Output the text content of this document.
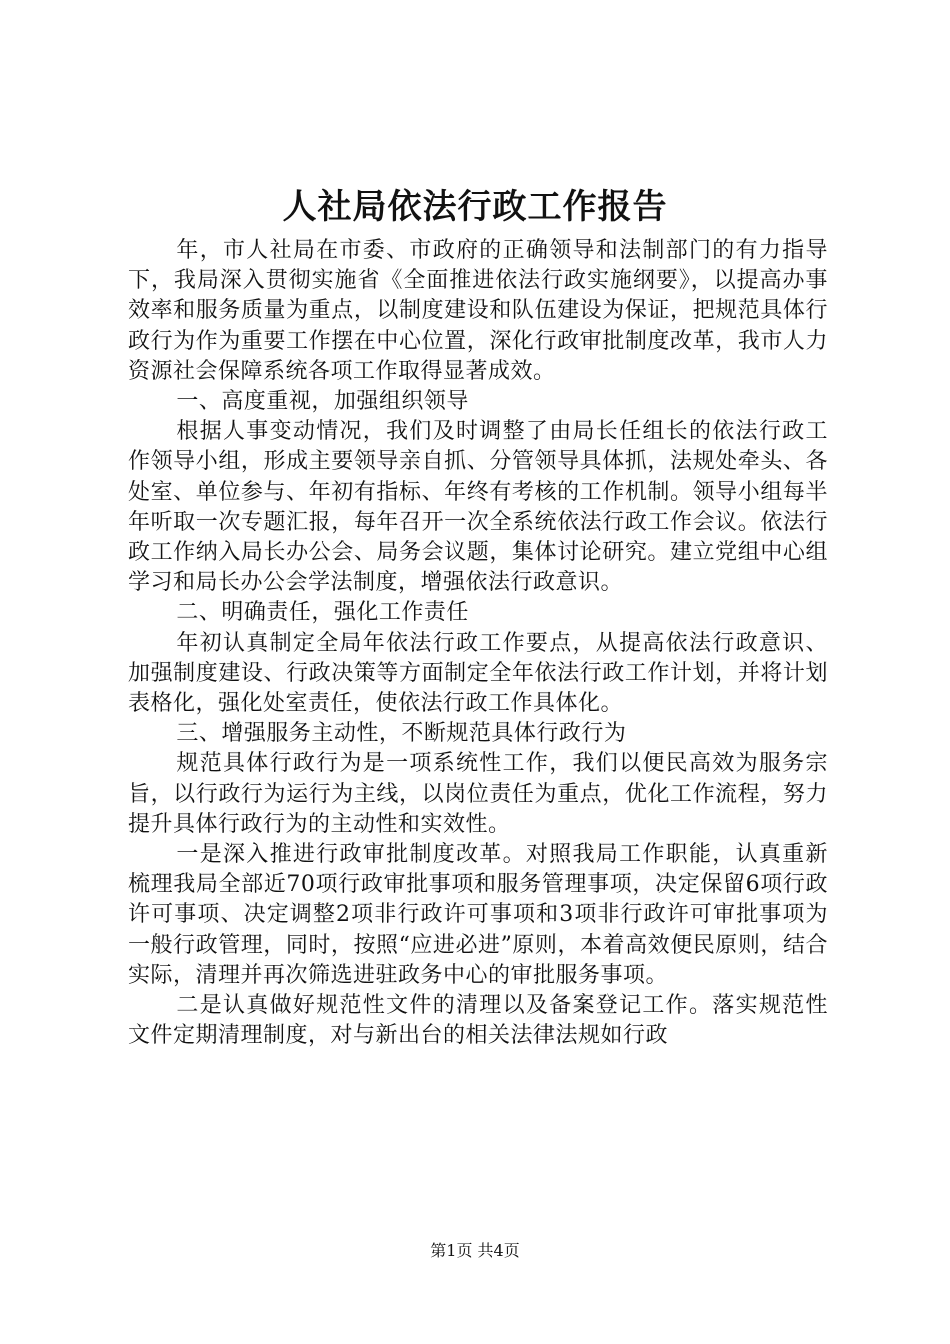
人社局依法行政工作报告

年，市人社局在市委、市政府的正确领导和法制部门的有力指导下，我局深入贯彻实施省《全面推进依法行政实施纲要》，以提高办事效率和服务质量为重点，以制度建设和队伍建设为保证，把规范具体行政行为作为重要工作摆在中心位置，深化行政审批制度改革，我市人力资源社会保障系统各项工作取得显著成效。

一、高度重视，加强组织领导

根据人事变动情况，我们及时调整了由局长任组长的依法行政工作领导小组，形成主要领导亲自抓、分管领导具体抓，法规处牵头、各处室、单位参与、年初有指标、年终有考核的工作机制。领导小组每半年听取一次专题汇报，每年召开一次全系统依法行政工作会议。依法行政工作纳入局长办公会、局务会议题，集体讨论研究。建立党组中心组学习和局长办公会学法制度，增强依法行政意识。

二、明确责任，强化工作责任

年初认真制定全局年依法行政工作要点，从提高依法行政意识、加强制度建设、行政决策等方面制定全年依法行政工作计划，并将计划表格化，强化处室责任，使依法行政工作具体化。

三、增强服务主动性，不断规范具体行政行为

规范具体行政行为是一项系统性工作，我们以便民高效为服务宗旨，以行政行为运行为主线，以岗位责任为重点，优化工作流程，努力提升具体行政行为的主动性和实效性。

一是深入推进行政审批制度改革。对照我局工作职能，认真重新梳理我局全部近70项行政审批事项和服务管理事项，决定保留6项行政许可事项、决定调整2项非行政许可事项和3项非行政许可审批事项为一般行政管理，同时，按照“应进必进”原则，本着高效便民原则，结合实际，清理并再次筛选进驻政务中心的审批服务事项。

二是认真做好规范性文件的清理以及备案登记工作。落实规范性文件定期清理制度，对与新出台的相关法律法规如行政

第1页 共4页
